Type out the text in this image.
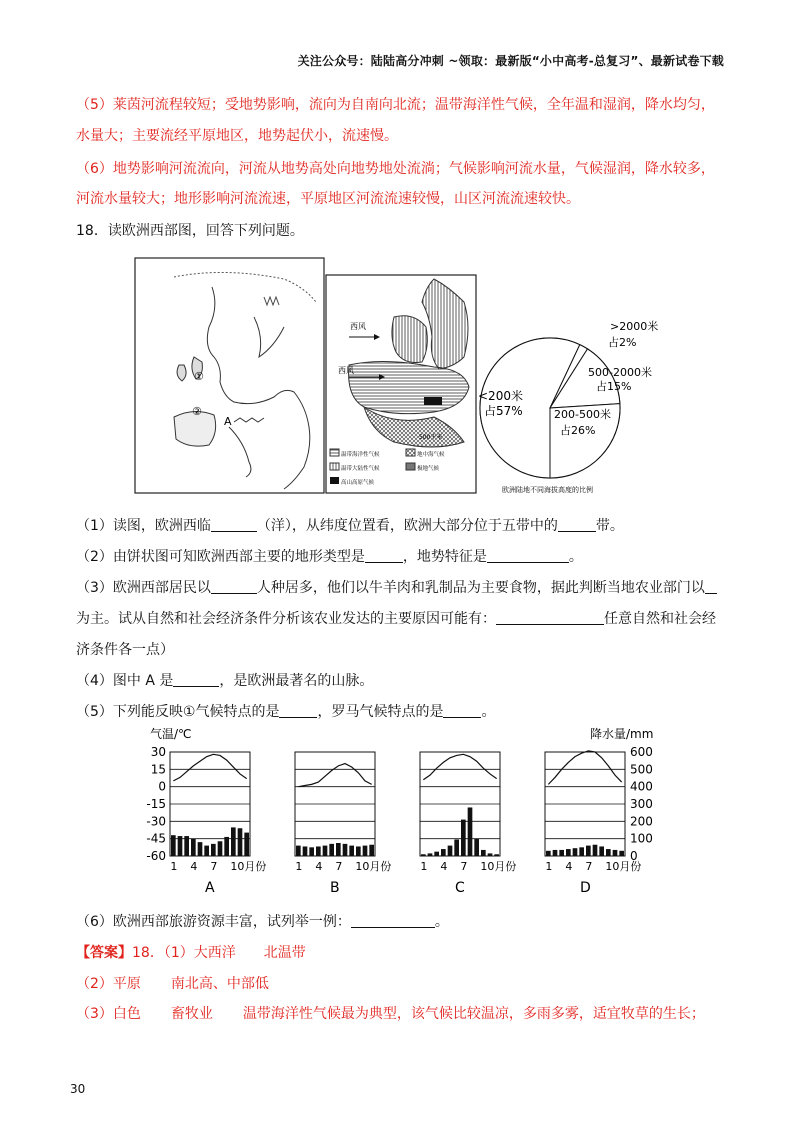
关注公众号：陆陆高分冲刺 ~领取：最新版“小中高考-总复习”、最新试卷下载
（5）莱茵河流程较短；受地势影响，流向为自南向北流；温带海洋性气候，全年温和湿润，降水均匀，
水量大；主要流经平原地区，地势起伏小，流速慢。
（6）地势影响河流流向，河流从地势高处向地势地处流淌；气候影响河流水量，气候湿润，降水较多，
河流水量较大；地形影响河流流速，平原地区河流流速较慢，山区河流流速较快。
18．读欧洲西部图，回答下列问题。
①
②
A
西风
西风
500千米
温带海洋性气候	地中海气候
温带大陆性气候	极地气候
高山高原气候
<200米
占57%	200-500米
占26%
500-2000米
占15%
>2000米
占2%
欧洲陆地不同海拔高度的比例
（1）读图，欧洲西临	（洋），从纬度位置看，欧洲大部分位于五带中的	带。
（2）由饼状图可知欧洲西部主要的地形类型是	，地势特征是	。
（3）欧洲西部居民以	人种居多，他们以牛羊肉和乳制品为主要食物，据此判断当地农业部门以
为主。试从自然和社会经济条件分析该农业发达的主要原因可能有：	任意自然和社会经
济条件各一点）
（4）图中 A 是	，是欧洲最著名的山脉。
（5）下列能反映①气候特点的是	，罗马气候特点的是	。
气温/℃	降水量/mm
30
15
0
-15
-30
-45
-60
600
500
400
300
200
100
0
1 4 7 10月份
A
1 4 7 10月份
B
1 4 7 10月份
C
1 4 7 10月份
D
（6）欧洲西部旅游资源丰富，试列举一例：	。
【答案】18．（1）大西洋 北温带
（2）平原 南北高、中部低
（3）白色 畜牧业 温带海洋性气候最为典型，该气候比较温凉，多雨多雾，适宜牧草的生长；
30
